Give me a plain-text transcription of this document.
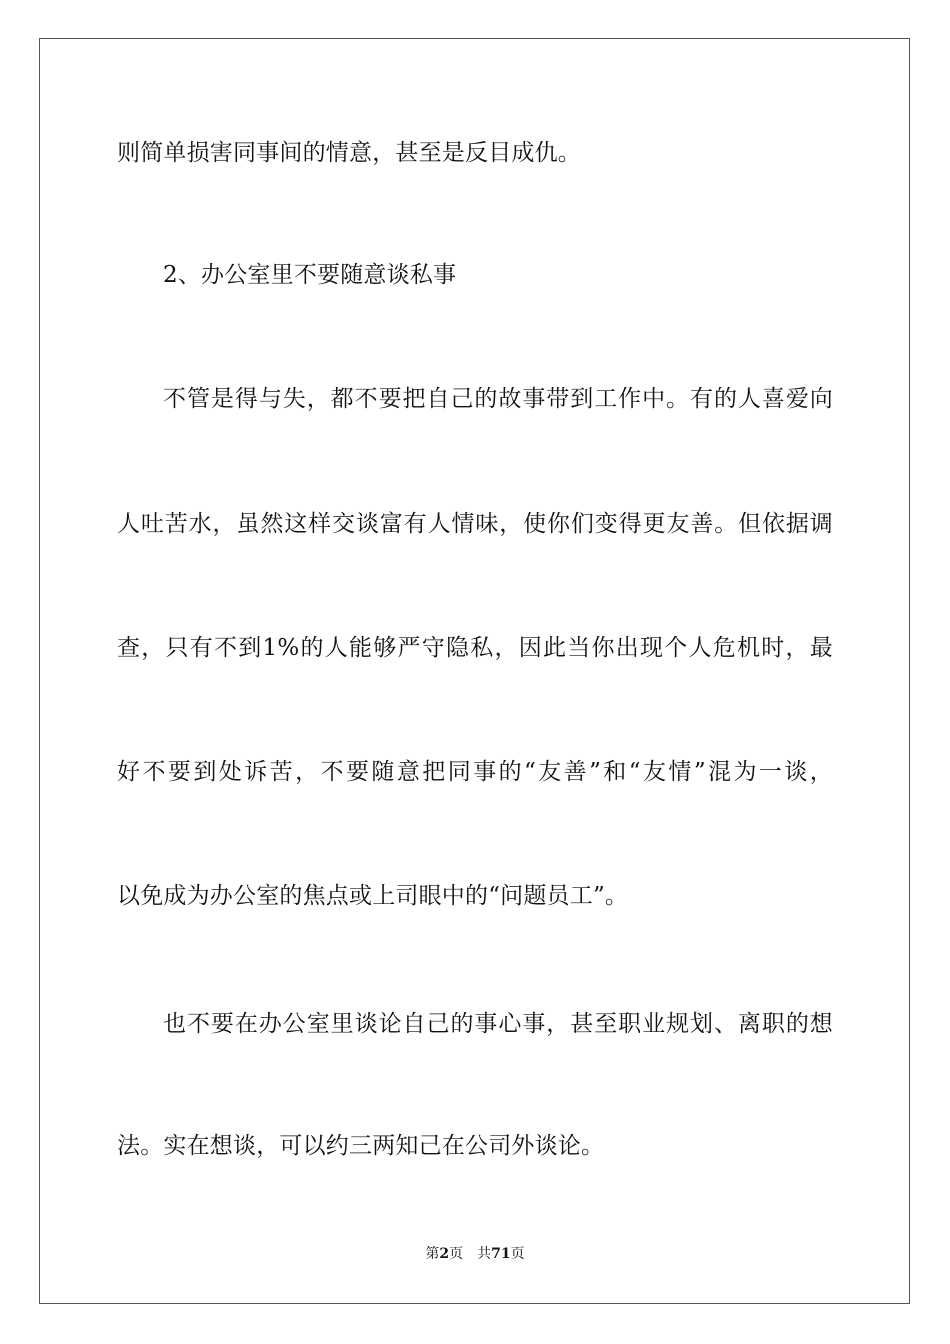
则简单损害同事间的情意，甚至是反目成仇。
2、办公室里不要随意谈私事
不管是得与失，都不要把自己的故事带到工作中。有的人喜爱向
人吐苦水，虽然这样交谈富有人情味，使你们变得更友善。但依据调
查，只有不到1%的人能够严守隐私，因此当你出现个人危机时，最
好不要到处诉苦，不要随意把同事的“友善”和“友情”混为一谈，
以免成为办公室的焦点或上司眼中的“问题员工”。
也不要在办公室里谈论自己的事心事，甚至职业规划、离职的想
法。实在想谈，可以约三两知己在公司外谈论。
第2页 共71页
